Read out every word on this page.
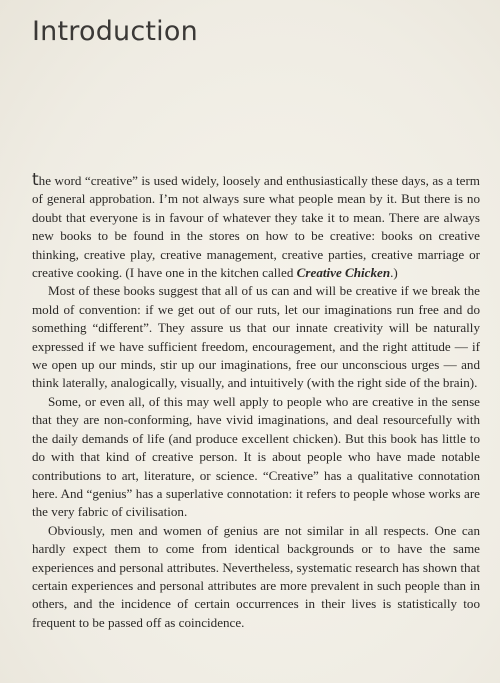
Introduction

the word “creative” is used widely, loosely and enthusiastically these days, as a term of general approbation. I’m not always sure what people mean by it. But there is no doubt that everyone is in favour of whatever they take it to mean. There are always new books to be found in the stores on how to be creative: books on creative thinking, creative play, creative management, creative parties, creative marriage or creative cooking. (I have one in the kitchen called Creative Chicken.)

Most of these books suggest that all of us can and will be creative if we break the mold of convention: if we get out of our ruts, let our imaginations run free and do something “different”. They assure us that our innate creativity will be naturally expressed if we have sufficient freedom, encouragement, and the right attitude — if we open up our minds, stir up our imaginations, free our unconscious urges — and think laterally, analogically, visually, and intuitively (with the right side of the brain).

Some, or even all, of this may well apply to people who are creative in the sense that they are non-conforming, have vivid imaginations, and deal resourcefully with the daily demands of life (and produce excellent chicken). But this book has little to do with that kind of creative person. It is about people who have made notable contributions to art, literature, or science. “Creative” has a qualitative connotation here. And “genius” has a superlative connotation: it refers to people whose works are the very fabric of civilisation.

Obviously, men and women of genius are not similar in all respects. One can hardly expect them to come from identical backgrounds or to have the same experiences and personal attributes. Nevertheless, systematic research has shown that certain experiences and personal attributes are more prevalent in such people than in others, and the incidence of certain occurrences in their lives is statistically too frequent to be passed off as coincidence.
